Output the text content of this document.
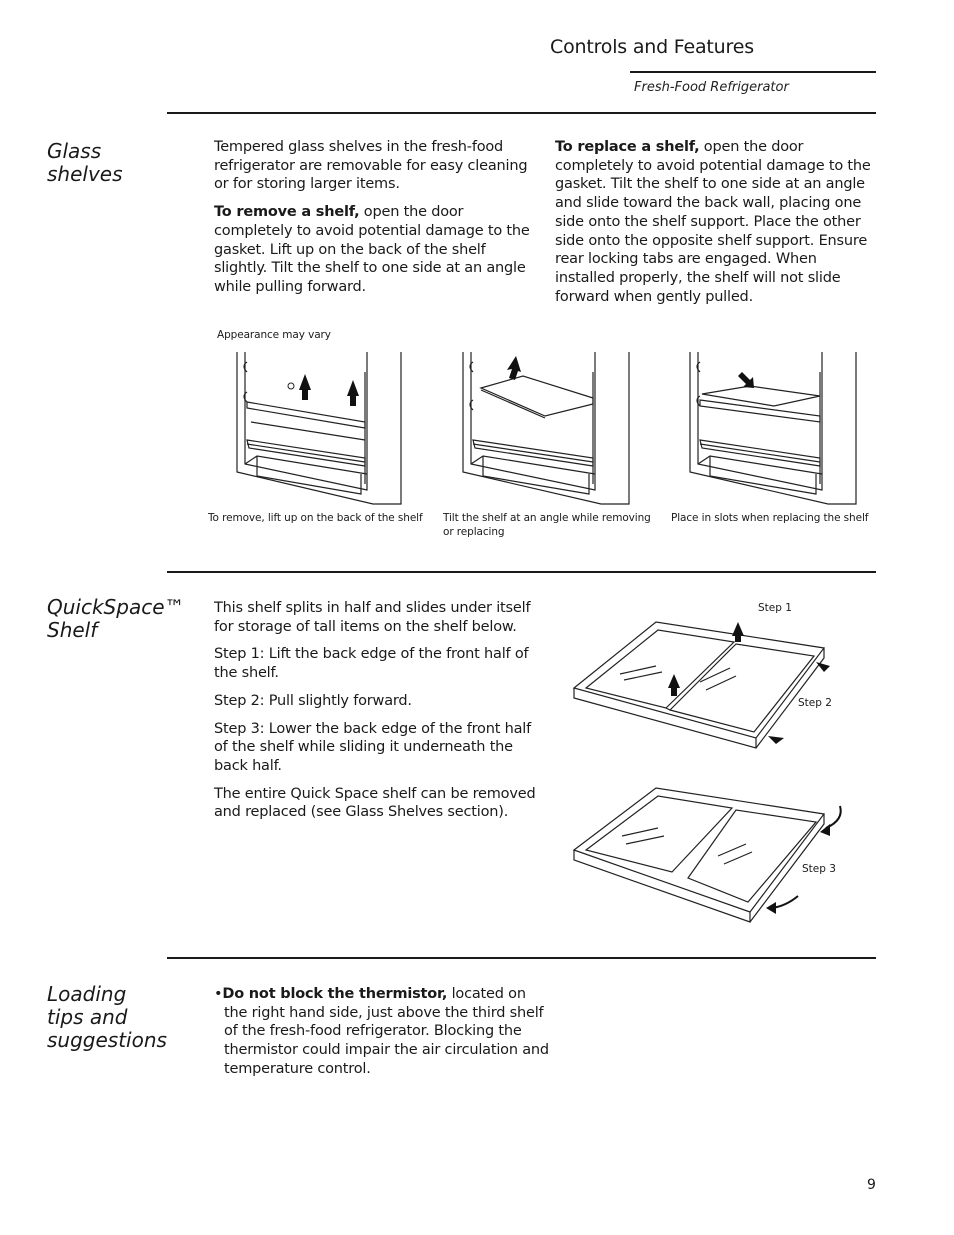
Controls and Features
Fresh-Food Refrigerator
Glass
shelves

Tempered glass shelves in the fresh-food refrigerator are removable for easy cleaning or for storing larger items.

To remove a shelf, open the door completely to avoid potential damage to the gasket. Lift up on the back of the shelf slightly. Tilt the shelf to one side at an angle while pulling forward.

To replace a shelf, open the door completely to avoid potential damage to the gasket. Tilt the shelf to one side at an angle and slide toward the back wall, placing one side onto the shelf support. Place the other side onto the opposite shelf support. Ensure rear locking tabs are engaged. When installed properly, the shelf will not slide forward when gently pulled.

Appearance may vary
To remove, lift up on the back of the shelf	Tilt the shelf at an angle while removing or replacing
Place in slots when replacing the shelf
QuickSpace™
Shelf

This shelf splits in half and slides under itself for storage of tall items on the shelf below.

Step 1: Lift the back edge of the front half of the shelf.

Step 2: Pull slightly forward.

Step 3: Lower the back edge of the front half of the shelf while sliding it underneath the back half.

The entire Quick Space shelf can be removed and replaced (see Glass Shelves section).

Step 1
Step 2
Step 3
Loading
tips and
suggestions
•Do not block the thermistor, located on the right hand side, just above the third shelf of the fresh-food refrigerator. Blocking the thermistor could impair the air circulation and temperature control.
9
